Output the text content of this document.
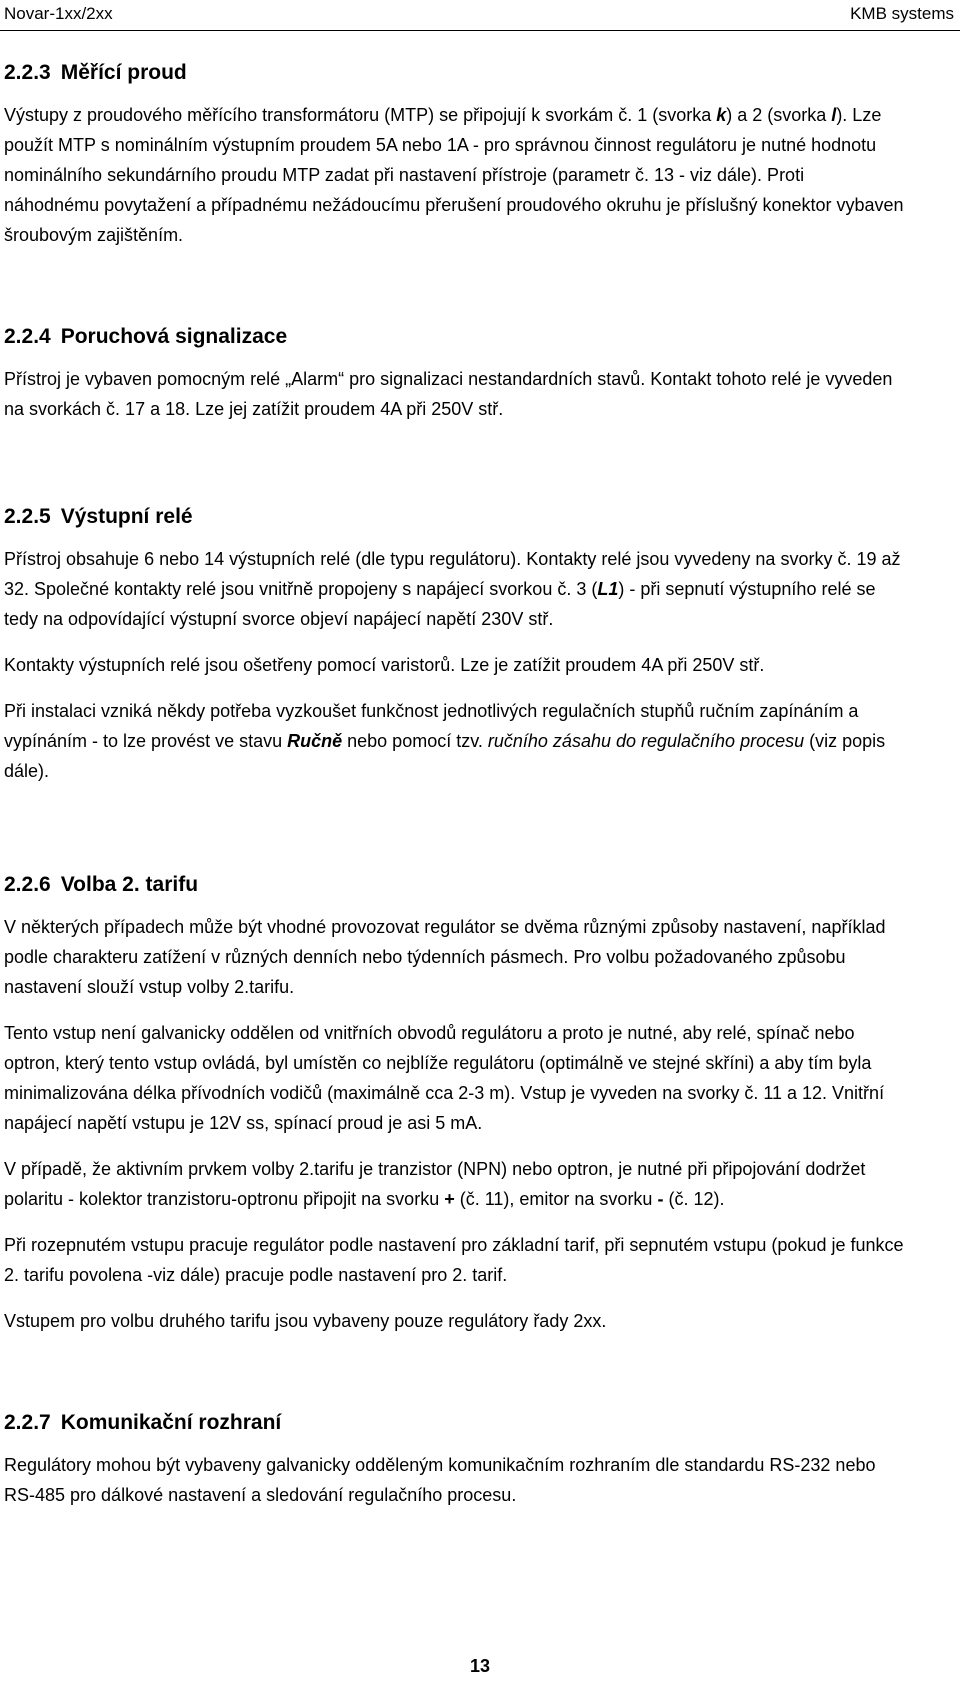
Novar-1xx/2xx	KMB systems
2.2.3 Měřící proud

Výstupy z proudového měřícího transformátoru (MTP) se připojují k svorkám č. 1 (svorka k) a 2 (svorka l). Lze použít MTP s nominálním výstupním proudem 5A nebo 1A - pro správnou činnost regulátoru je nutné hodnotu nominálního sekundárního proudu MTP zadat při nastavení přístroje (parametr č. 13 - viz dále). Proti náhodnému povytažení a případnému nežádoucímu přerušení proudového okruhu je příslušný konektor vybaven šroubovým zajištěním.

2.2.4 Poruchová signalizace

Přístroj je vybaven pomocným relé „Alarm“ pro signalizaci nestandardních stavů. Kontakt tohoto relé je vyveden na svorkách č. 17 a 18. Lze jej zatížit proudem 4A při 250V stř.

2.2.5 Výstupní relé

Přístroj obsahuje 6 nebo 14 výstupních relé (dle typu regulátoru). Kontakty relé jsou vyvedeny na svorky č. 19 až 32. Společné kontakty relé jsou vnitřně propojeny s napájecí svorkou č. 3 (L1) - při sepnutí výstupního relé se tedy na odpovídající výstupní svorce objeví napájecí napětí 230V stř.

Kontakty výstupních relé jsou ošetřeny pomocí varistorů. Lze je zatížit proudem 4A při 250V stř.

Při instalaci vzniká někdy potřeba vyzkoušet funkčnost jednotlivých regulačních stupňů ručním zapínáním a vypínáním - to lze provést ve stavu Ručně nebo pomocí tzv. ručního zásahu do regulačního procesu (viz popis dále).

2.2.6 Volba 2. tarifu

V některých případech může být vhodné provozovat regulátor se dvěma různými způsoby nastavení, například podle charakteru zatížení v různých denních nebo týdenních pásmech. Pro volbu požadovaného způsobu nastavení slouží vstup volby 2.tarifu.

Tento vstup není galvanicky oddělen od vnitřních obvodů regulátoru a proto je nutné, aby relé, spínač nebo optron, který tento vstup ovládá, byl umístěn co nejblíže regulátoru (optimálně ve stejné skříni) a aby tím byla minimalizována délka přívodních vodičů (maximálně cca 2-3 m). Vstup je vyveden na svorky č. 11 a 12. Vnitřní napájecí napětí vstupu je 12V ss, spínací proud je asi 5 mA.

V případě, že aktivním prvkem volby 2.tarifu je tranzistor (NPN) nebo optron, je nutné při připojování dodržet polaritu - kolektor tranzistoru-optronu připojit na svorku + (č. 11), emitor na svorku - (č. 12).

Při rozepnutém vstupu pracuje regulátor podle nastavení pro základní tarif, při sepnutém vstupu (pokud je funkce 2. tarifu povolena -viz dále) pracuje podle nastavení pro 2. tarif.

Vstupem pro volbu druhého tarifu jsou vybaveny pouze regulátory řady 2xx.

2.2.7 Komunikační rozhraní

Regulátory mohou být vybaveny galvanicky odděleným komunikačním rozhraním dle standardu RS-232 nebo RS-485 pro dálkové nastavení a sledování regulačního procesu.

13
